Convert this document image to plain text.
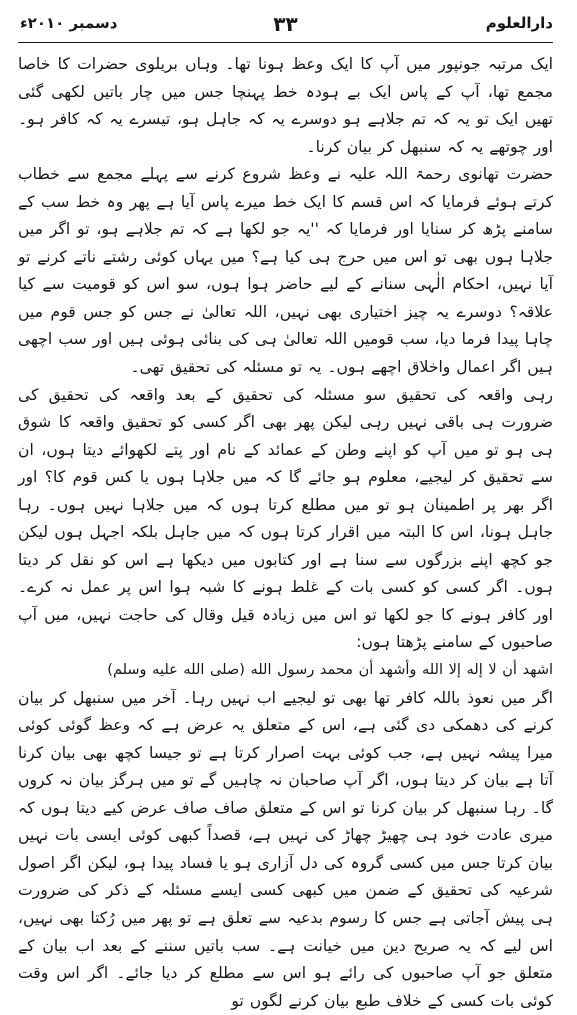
دارالعلوم
۳۳
دسمبر ۲۰۱۰ء

ایک مرتبہ جونپور میں آپ کا ایک وعظ ہونا تھا۔ وہاں بریلوی حضرات کا خاصا مجمع تھا، آپ کے پاس ایک بے ہودہ خط پہنچا جس میں چار باتیں لکھی گئی تھیں ایک تو یہ کہ تم جلاہے ہو دوسرے یہ کہ جاہل ہو، تیسرے یہ کہ کافر ہو۔ اور چوتھے یہ کہ سنبھل کر بیان کرنا۔

حضرت تھانوی رحمۃ اللہ علیہ نے وعظ شروع کرنے سے پہلے مجمع سے خطاب کرتے ہوئے فرمایا کہ اس قسم کا ایک خط میرے پاس آیا ہے پھر وہ خط سب کے سامنے پڑھ کر سنایا اور فرمایا کہ ''یہ جو لکھا ہے کہ تم جلاہے ہو، تو اگر میں جلاہا ہوں بھی تو اس میں حرج ہی کیا ہے؟ میں یہاں کوئی رشتے ناتے کرنے تو آیا نہیں، احکام الٰہی سنانے کے لیے حاضر ہوا ہوں، سو اس کو قومیت سے کیا علاقہ؟ دوسرے یہ چیز اختیاری بھی نہیں، اللہ تعالیٰ نے جس کو جس قوم میں چاہا پیدا فرما دیا، سب قومیں اللہ تعالیٰ ہی کی بنائی ہوئی ہیں اور سب اچھی ہیں اگر اعمال واخلاق اچھے ہوں۔ یہ تو مسئلہ کی تحقیق تھی۔

رہی واقعہ کی تحقیق سو مسئلہ کی تحقیق کے بعد واقعہ کی تحقیق کی ضرورت ہی باقی نہیں رہی لیکن پھر بھی اگر کسی کو تحقیق واقعہ کا شوق ہی ہو تو میں آپ کو اپنے وطن کے عمائد کے نام اور پتے لکھوائے دیتا ہوں، ان سے تحقیق کر لیجیے، معلوم ہو جائے گا کہ میں جلاہا ہوں یا کس قوم کا؟ اور اگر بھر پر اطمینان ہو تو میں مطلع کرتا ہوں کہ میں جلاہا نہیں ہوں۔ رہا جاہل ہونا، اس کا البتہ میں اقرار کرتا ہوں کہ میں جاہل بلکہ اجہل ہوں لیکن جو کچھ اپنے بزرگوں سے سنا ہے اور کتابوں میں دیکھا ہے اس کو نقل کر دیتا ہوں۔ اگر کسی کو کسی بات کے غلط ہونے کا شبہ ہوا اس پر عمل نہ کرے۔ اور کافر ہونے کا جو لکھا تو اس میں زیادہ قیل وقال کی حاجت نہیں، میں آپ صاحبوں کے سامنے پڑھتا ہوں:

اشهد أن لا إله إلا الله وأشهد أن محمد رسول الله (صلى الله عليه وسلم)

اگر میں نعوذ باللہ کافر تھا بھی تو لیجیے اب نہیں رہا۔ آخر میں سنبھل کر بیان کرنے کی دھمکی دی گئی ہے، اس کے متعلق یہ عرض ہے کہ وعظ گوئی کوئی میرا پیشہ نہیں ہے، جب کوئی بہت اصرار کرتا ہے تو جیسا کچھ بھی بیان کرنا آتا ہے بیان کر دیتا ہوں، اگر آپ صاحبان نہ چاہیں گے تو میں ہرگز بیان نہ کروں گا۔ رہا سنبھل کر بیان کرنا تو اس کے متعلق صاف صاف عرض کیے دیتا ہوں کہ میری عادت خود ہی چھیڑ چھاڑ کی نہیں ہے، قصداً کبھی کوئی ایسی بات نہیں بیان کرتا جس میں کسی گروہ کی دل آزاری ہو یا فساد پیدا ہو، لیکن اگر اصول شرعیہ کی تحقیق کے ضمن میں کبھی کسی ایسے مسئلہ کے ذکر کی ضرورت ہی پیش آجاتی ہے جس کا رسوم بدعیہ سے تعلق ہے تو پھر میں رُکتا بھی نہیں، اس لیے کہ یہ صریح دین میں خیانت ہے۔ سب باتیں سننے کے بعد اب بیان کے متعلق جو آپ صاحبوں کی رائے ہو اس سے مطلع کر دیا جائے۔ اگر اس وقت کوئی بات کسی کے خلاف طبع بیان کرنے لگوں تو
